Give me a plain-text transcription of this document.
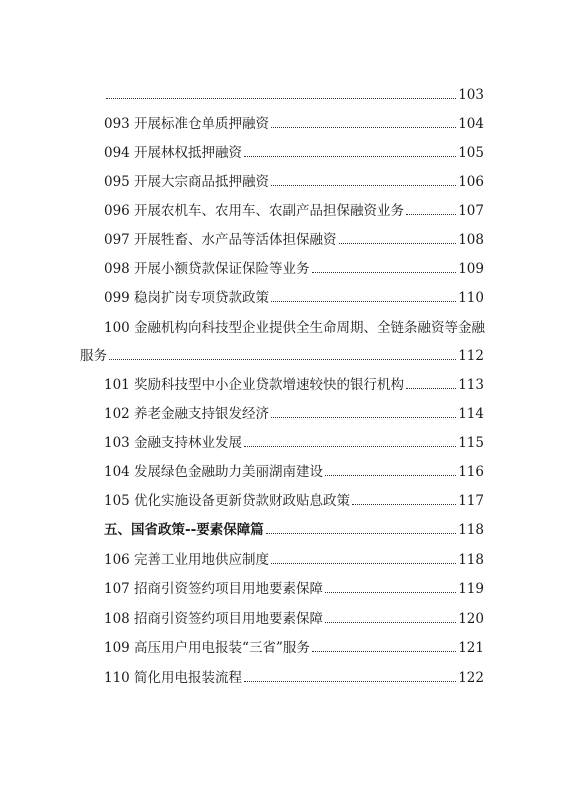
103
093 开展标准仓单质押融资	104
094 开展林权抵押融资	105
095 开展大宗商品抵押融资	106
096 开展农机车、农用车、农副产品担保融资业务	107
097 开展牲畜、水产品等活体担保融资	108
098 开展小额贷款保证保险等业务	109
099 稳岗扩岗专项贷款政策	110
100 金融机构向科技型企业提供全生命周期、全链条融资等金融
服务	112
101 奖励科技型中小企业贷款增速较快的银行机构	113
102 养老金融支持银发经济	114
103 金融支持林业发展	115
104 发展绿色金融助力美丽湖南建设	116
105 优化实施设备更新贷款财政贴息政策	117
五、国省政策--要素保障篇	118
106 完善工业用地供应制度	118
107 招商引资签约项目用地要素保障	119
108 招商引资签约项目用地要素保障	120
109 高压用户用电报装“三省”服务	121
110 简化用电报装流程	122
